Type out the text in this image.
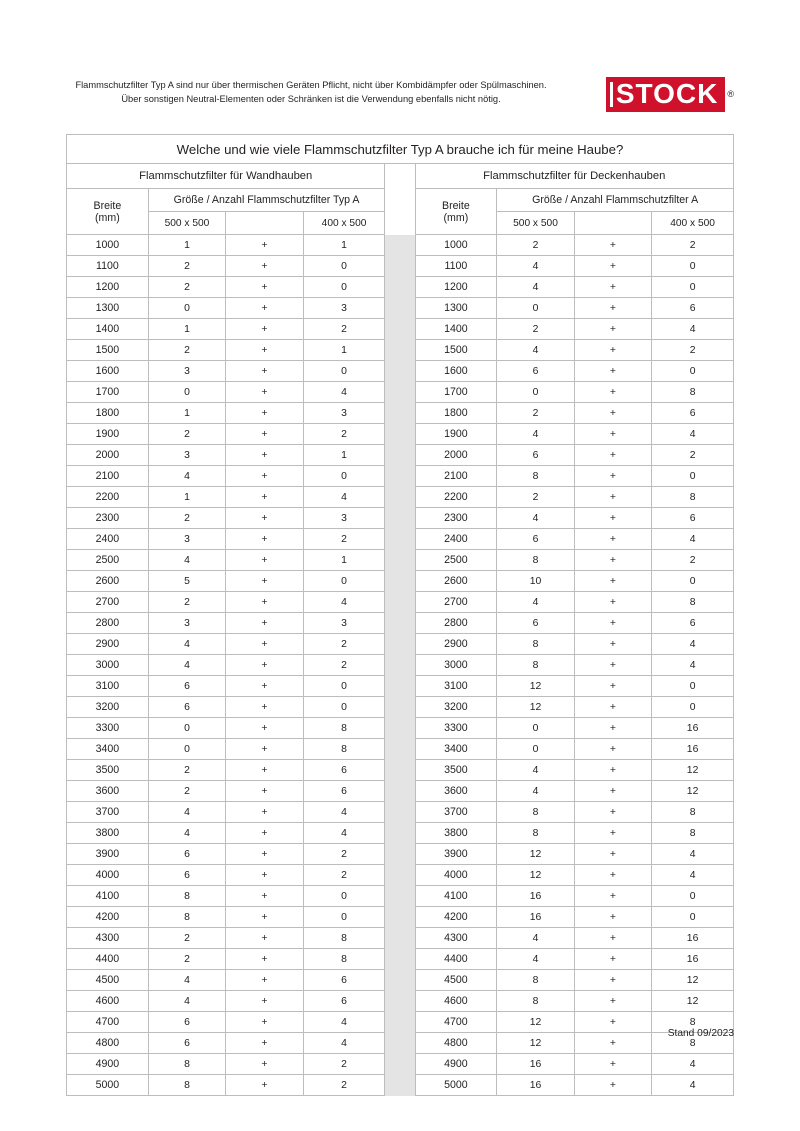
Flammschutzfilter Typ A sind nur über thermischen Geräten Pflicht, nicht über Kombidämpfer oder Spülmaschinen. Über sonstigen Neutral-Elementen oder Schränken ist die Verwendung ebenfalls nicht nötig.	STOCK	®
Welche und wie viele Flammschutzfilter Typ A brauche ich für meine Haube?								
Flammschutzfilter für Wandhauben					Flammschutzfilter für Deckenhauben			

Breite
(mm)
	Größe / Anzahl Flammschutzfilter Typ A	Breite
(mm)
	Größe / Anzahl Flammschutzfilter A
	500 x 500		400 x 500			500 x 500		400 x 500
1000	1	+	1		1000	2	+	2
1100	2	+	0		1100	4	+	0
1200	2	+	0		1200	4	+	0
1300	0	+	3		1300	0	+	6
1400	1	+	2		1400	2	+	4
1500	2	+	1		1500	4	+	2
1600	3	+	0		1600	6	+	0
1700	0	+	4		1700	0	+	8
1800	1	+	3		1800	2	+	6
1900	2	+	2		1900	4	+	4
2000	3	+	1		2000	6	+	2
2100	4	+	0		2100	8	+	0
2200	1	+	4		2200	2	+	8
2300	2	+	3		2300	4	+	6
2400	3	+	2		2400	6	+	4
2500	4	+	1		2500	8	+	2
2600	5	+	0		2600	10	+	0
2700	2	+	4		2700	4	+	8
2800	3	+	3		2800	6	+	6
2900	4	+	2		2900	8	+	4
3000	4	+	2		3000	8	+	4
3100	6	+	0		3100	12	+	0
3200	6	+	0		3200	12	+	0
3300	0	+	8		3300	0	+	16
3400	0	+	8		3400	0	+	16
3500	2	+	6		3500	4	+	12
3600	2	+	6		3600	4	+	12
3700	4	+	4		3700	8	+	8
3800	4	+	4		3800	8	+	8
3900	6	+	2		3900	12	+	4
4000	6	+	2		4000	12	+	4
4100	8	+	0		4100	16	+	0
4200	8	+	0		4200	16	+	0
4300	2	+	8		4300	4	+	16
4400	2	+	8		4400	4	+	16
4500	4	+	6		4500	8	+	12
4600	4	+	6		4600	8	+	12
4700	6	+	4		4700	12	+	8
4800	6	+	4		4800	12	+	8
4900	8	+	2		4900	16	+	4
5000	8	+	2		5000	16	+	4
Stand 09/2023
